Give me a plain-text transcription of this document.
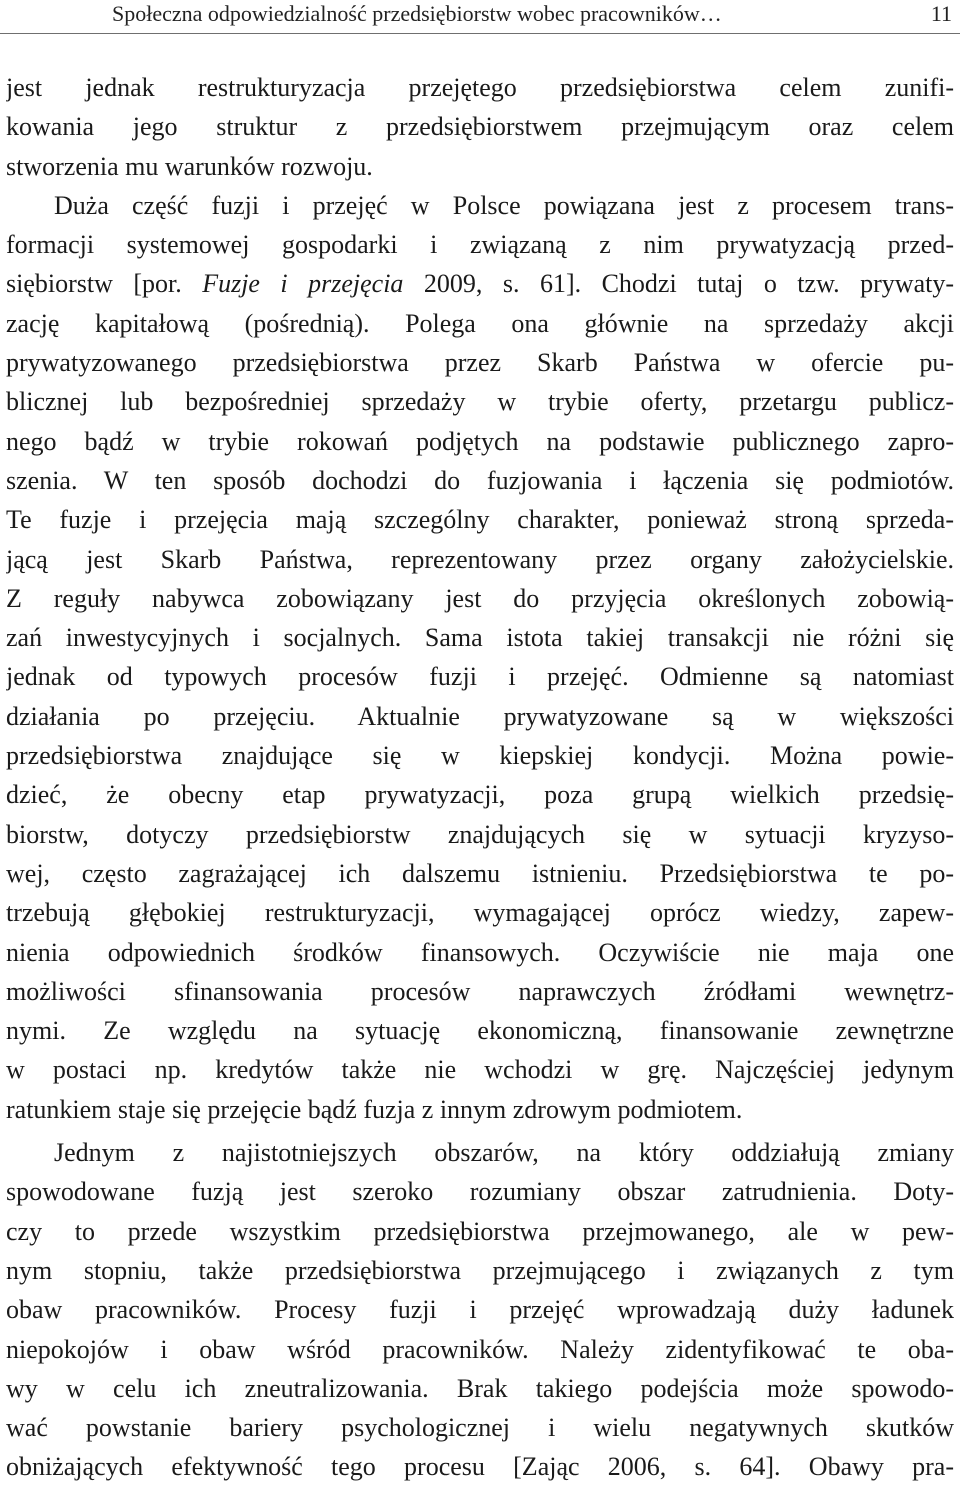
Społeczna odpowiedzialność przedsiębiorstw wobec pracowników…	11
jest jednak restrukturyzacja przejętego przedsiębiorstwa celem zunifi-
kowania jego struktur z przedsiębiorstwem przejmującym oraz celem
stworzenia mu warunków rozwoju.
Duża część fuzji i przejęć w Polsce powiązana jest z procesem trans-
formacji systemowej gospodarki i związaną z nim prywatyzacją przed-
siębiorstw [por. Fuzje i przejęcia 2009, s. 61]. Chodzi tutaj o tzw. prywaty-
zację kapitałową (pośrednią). Polega ona głównie na sprzedaży akcji
prywatyzowanego przedsiębiorstwa przez Skarb Państwa w ofercie pu-
blicznej lub bezpośredniej sprzedaży w trybie oferty, przetargu publicz-
nego bądź w trybie rokowań podjętych na podstawie publicznego zapro-
szenia. W ten sposób dochodzi do fuzjowania i łączenia się podmiotów.
Te fuzje i przejęcia mają szczególny charakter, ponieważ stroną sprzeda-
jącą jest Skarb Państwa, reprezentowany przez organy założycielskie.
Z reguły nabywca zobowiązany jest do przyjęcia określonych zobowią-
zań inwestycyjnych i socjalnych. Sama istota takiej transakcji nie różni się
jednak od typowych procesów fuzji i przejęć. Odmienne są natomiast
działania po przejęciu. Aktualnie prywatyzowane są w większości
przedsiębiorstwa znajdujące się w kiepskiej kondycji. Można powie-
dzieć, że obecny etap prywatyzacji, poza grupą wielkich przedsię-
biorstw, dotyczy przedsiębiorstw znajdujących się w sytuacji kryzyso-
wej, często zagrażającej ich dalszemu istnieniu. Przedsiębiorstwa te po-
trzebują głębokiej restrukturyzacji, wymagającej oprócz wiedzy, zapew-
nienia odpowiednich środków finansowych. Oczywiście nie maja one
możliwości sfinansowania procesów naprawczych źródłami wewnętrz-
nymi. Ze względu na sytuację ekonomiczną, finansowanie zewnętrzne
w postaci np. kredytów także nie wchodzi w grę. Najczęściej jedynym
ratunkiem staje się przejęcie bądź fuzja z innym zdrowym podmiotem.
Jednym z najistotniejszych obszarów, na który oddziałują zmiany
spowodowane fuzją jest szeroko rozumiany obszar zatrudnienia. Doty-
czy to przede wszystkim przedsiębiorstwa przejmowanego, ale w pew-
nym stopniu, także przedsiębiorstwa przejmującego i związanych z tym
obaw pracowników. Procesy fuzji i przejęć wprowadzają duży ładunek
niepokojów i obaw wśród pracowników. Należy zidentyfikować te oba-
wy w celu ich zneutralizowania. Brak takiego podejścia może spowodo-
wać powstanie bariery psychologicznej i wielu negatywnych skutków
obniżających efektywność tego procesu [Zając 2006, s. 64]. Obawy pra-
